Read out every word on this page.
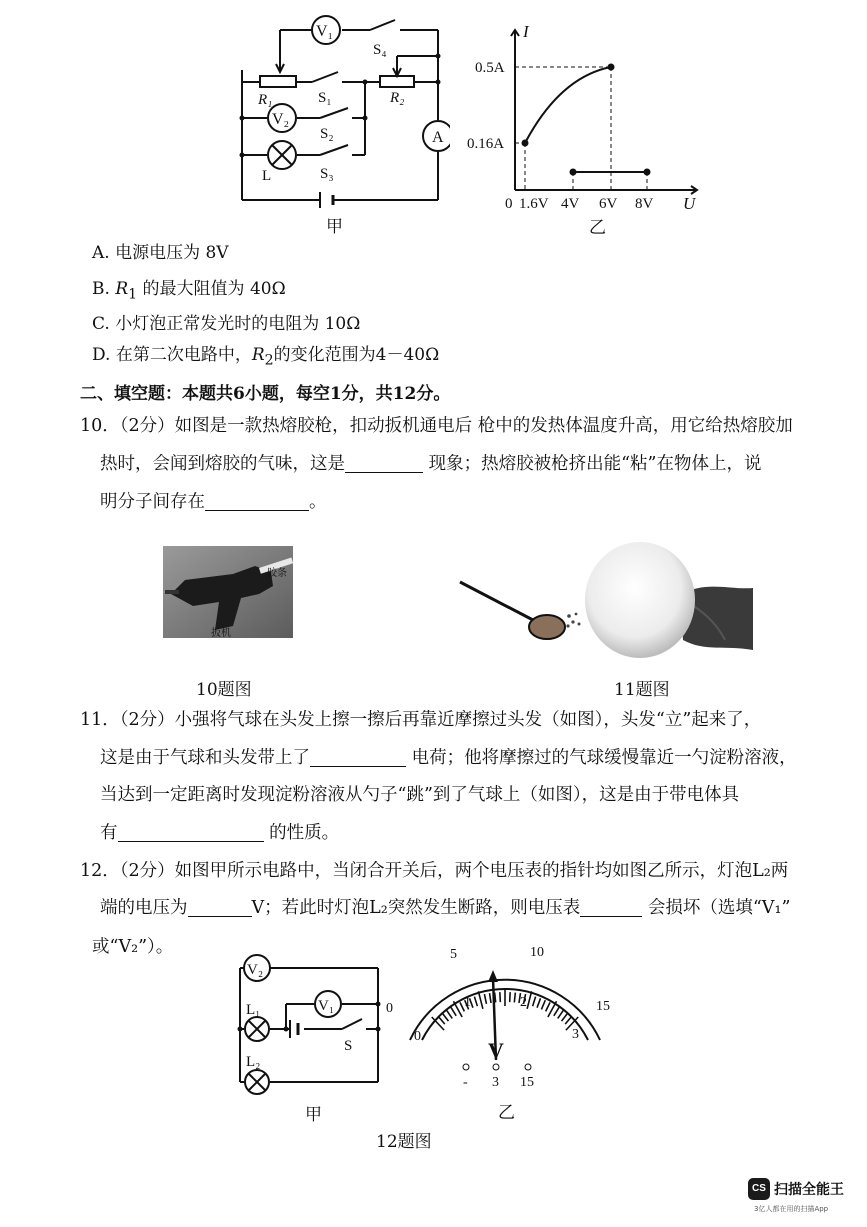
V₁
V₂
A
S₄
S₁
S₂
S₃
R₁	R₂
L
甲
I
U
0.5A
0.16A
0 1.6V 4V 6V 8V
乙
A. 电源电压为 8V
B. $R_1$ 的最大阻值为 40Ω
C. 小灯泡正常发光时的电阻为 10Ω
D. 在第二次电路中，$R_2$的变化范围为4－40Ω
二、填空题：本题共6小题，每空1分，共12分。
10．（2分）如图是一款热熔胶枪，扣动扳机通电后 枪中的发热体温度升高，用它给热熔胶加
热时，会闻到熔胶的气味，这是	现象；热熔胶被枪挤出能“粘”在物体上，说
明分子间存在	。
胶条
扳机
10题图	11题图
11．（2分）小强将气球在头发上擦一擦后再靠近摩擦过头发（如图），头发“立”起来了，
这是由于气球和头发带上了	电荷；他将摩擦过的气球缓慢靠近一勺淀粉溶液，
当达到一定距离时发现淀粉溶液从勺子“跳”到了气球上（如图），这是由于带电体具
有	的性质。
12．（2分）如图甲所示电路中，当闭合开关后，两个电压表的指针均如图乙所示，灯泡L₂两
端的电压为	V；若此时灯泡L₂突然发生断路，则电压表	会损坏（选填“V₁”
或“V₂”）。
V₂
V₁
L₁
L₂
S
甲
0
5	10
15
0
1	2
3
V
- 3 15
乙
12题图
CS 扫描全能王
3亿人都在用的扫描App
